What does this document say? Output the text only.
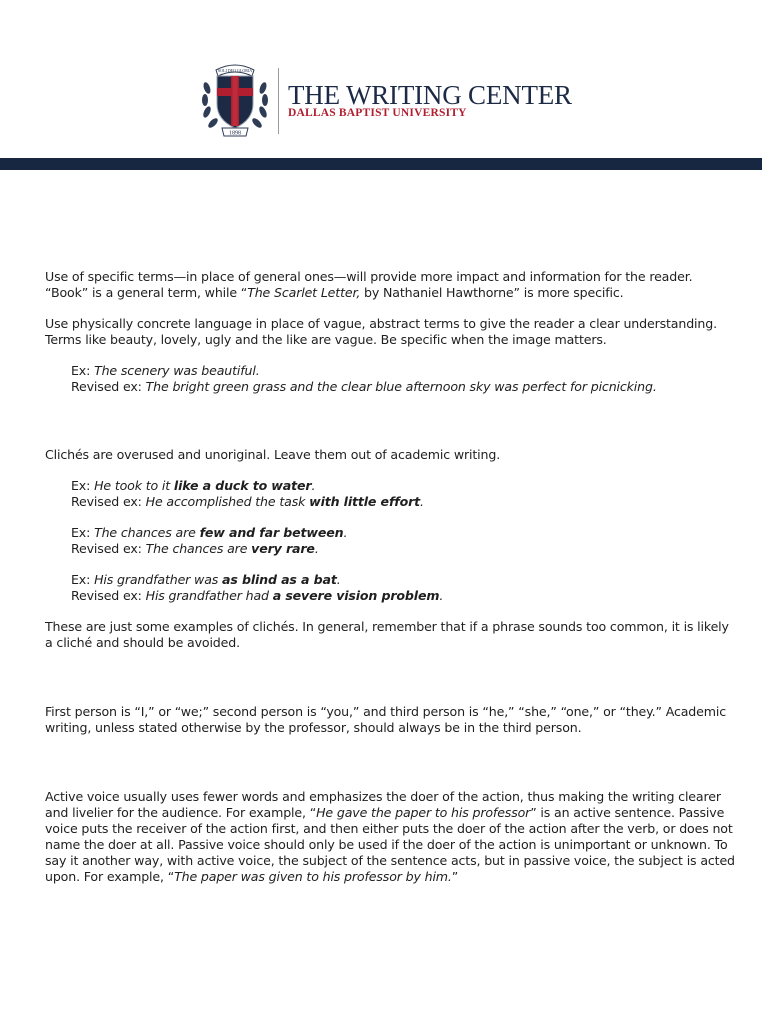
SOLI DEO GLORIA
1898
THE WRITING CENTER
DALLAS BAPTIST UNIVERSITY

Use of specific terms—in place of general ones—will provide more impact and information for the reader. “Book” is a general term, while “The Scarlet Letter, by Nathaniel Hawthorne” is more specific.

Use physically concrete language in place of vague, abstract terms to give the reader a clear understanding. Terms like beauty, lovely, ugly and the like are vague. Be specific when the image matters.

Ex: The scenery was beautiful.

Revised ex: The bright green grass and the clear blue afternoon sky was perfect for picnicking.

Clichés are overused and unoriginal. Leave them out of academic writing.

Ex: He took to it like a duck to water.

Revised ex: He accomplished the task with little effort.

Ex: The chances are few and far between.

Revised ex: The chances are very rare.

Ex: His grandfather was as blind as a bat.

Revised ex: His grandfather had a severe vision problem.

These are just some examples of clichés. In general, remember that if a phrase sounds too common, it is likely a cliché and should be avoided.

First person is “I,” or “we;” second person is “you,” and third person is “he,” “she,” “one,” or “they.” Academic writing, unless stated otherwise by the professor, should always be in the third person.

Active voice usually uses fewer words and emphasizes the doer of the action, thus making the writing clearer and livelier for the audience. For example, “He gave the paper to his professor” is an active sentence. Passive voice puts the receiver of the action first, and then either puts the doer of the action after the verb, or does not name the doer at all. Passive voice should only be used if the doer of the action is unimportant or unknown. To say it another way, with active voice, the subject of the sentence acts, but in passive voice, the subject is acted upon. For example, “The paper was given to his professor by him.”
